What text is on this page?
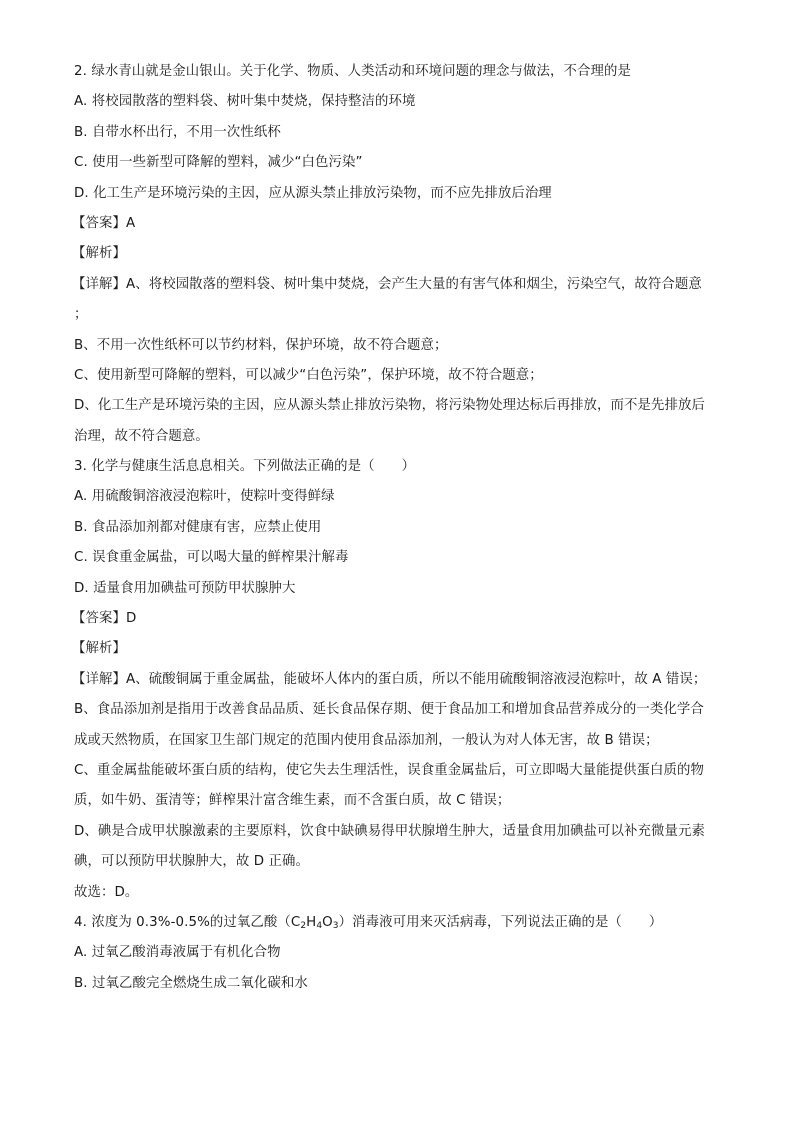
2. 绿水青山就是金山银山。关于化学、物质、人类活动和环境问题的理念与做法，不合理的是
A. 将校园散落的塑料袋、树叶集中焚烧，保持整洁的环境
B. 自带水杯出行，不用一次性纸杯
C. 使用一些新型可降解的塑料，减少“白色污染”
D. 化工生产是环境污染的主因，应从源头禁止排放污染物，而不应先排放后治理
【答案】A
【解析】
【详解】A、将校园散落的塑料袋、树叶集中焚烧，会产生大量的有害气体和烟尘，污染空气，故符合题意
；
B、不用一次性纸杯可以节约材料，保护环境，故不符合题意；
C、使用新型可降解的塑料，可以减少“白色污染”，保护环境，故不符合题意；
D、化工生产是环境污染的主因，应从源头禁止排放污染物，将污染物处理达标后再排放，而不是先排放后
治理，故不符合题意。
3. 化学与健康生活息息相关。下列做法正确的是（　　）
A. 用硫酸铜溶液浸泡粽叶，使粽叶变得鲜绿
B. 食品添加剂都对健康有害，应禁止使用
C. 误食重金属盐，可以喝大量的鲜榨果汁解毒
D. 适量食用加碘盐可预防甲状腺肿大
【答案】D
【解析】
【详解】A、硫酸铜属于重金属盐，能破坏人体内的蛋白质，所以不能用硫酸铜溶液浸泡粽叶，故 A 错误；
B、食品添加剂是指用于改善食品品质、延长食品保存期、便于食品加工和增加食品营养成分的一类化学合
成或天然物质，在国家卫生部门规定的范围内使用食品添加剂，一般认为对人体无害，故 B 错误；
C、重金属盐能破坏蛋白质的结构，使它失去生理活性，误食重金属盐后，可立即喝大量能提供蛋白质的物
质，如牛奶、蛋清等；鲜榨果汁富含维生素，而不含蛋白质，故 C 错误；
D、碘是合成甲状腺激素的主要原料，饮食中缺碘易得甲状腺增生肿大，适量食用加碘盐可以补充微量元素
碘，可以预防甲状腺肿大，故 D 正确。
故选：D。
4. 浓度为 0.3%-0.5%的过氧乙酸$(C_2H_4O_3)$消毒液可用来灭活病毒，下列说法正确的是（　　）
A. 过氧乙酸消毒液属于有机化合物
B. 过氧乙酸完全燃烧生成二氧化碳和水
